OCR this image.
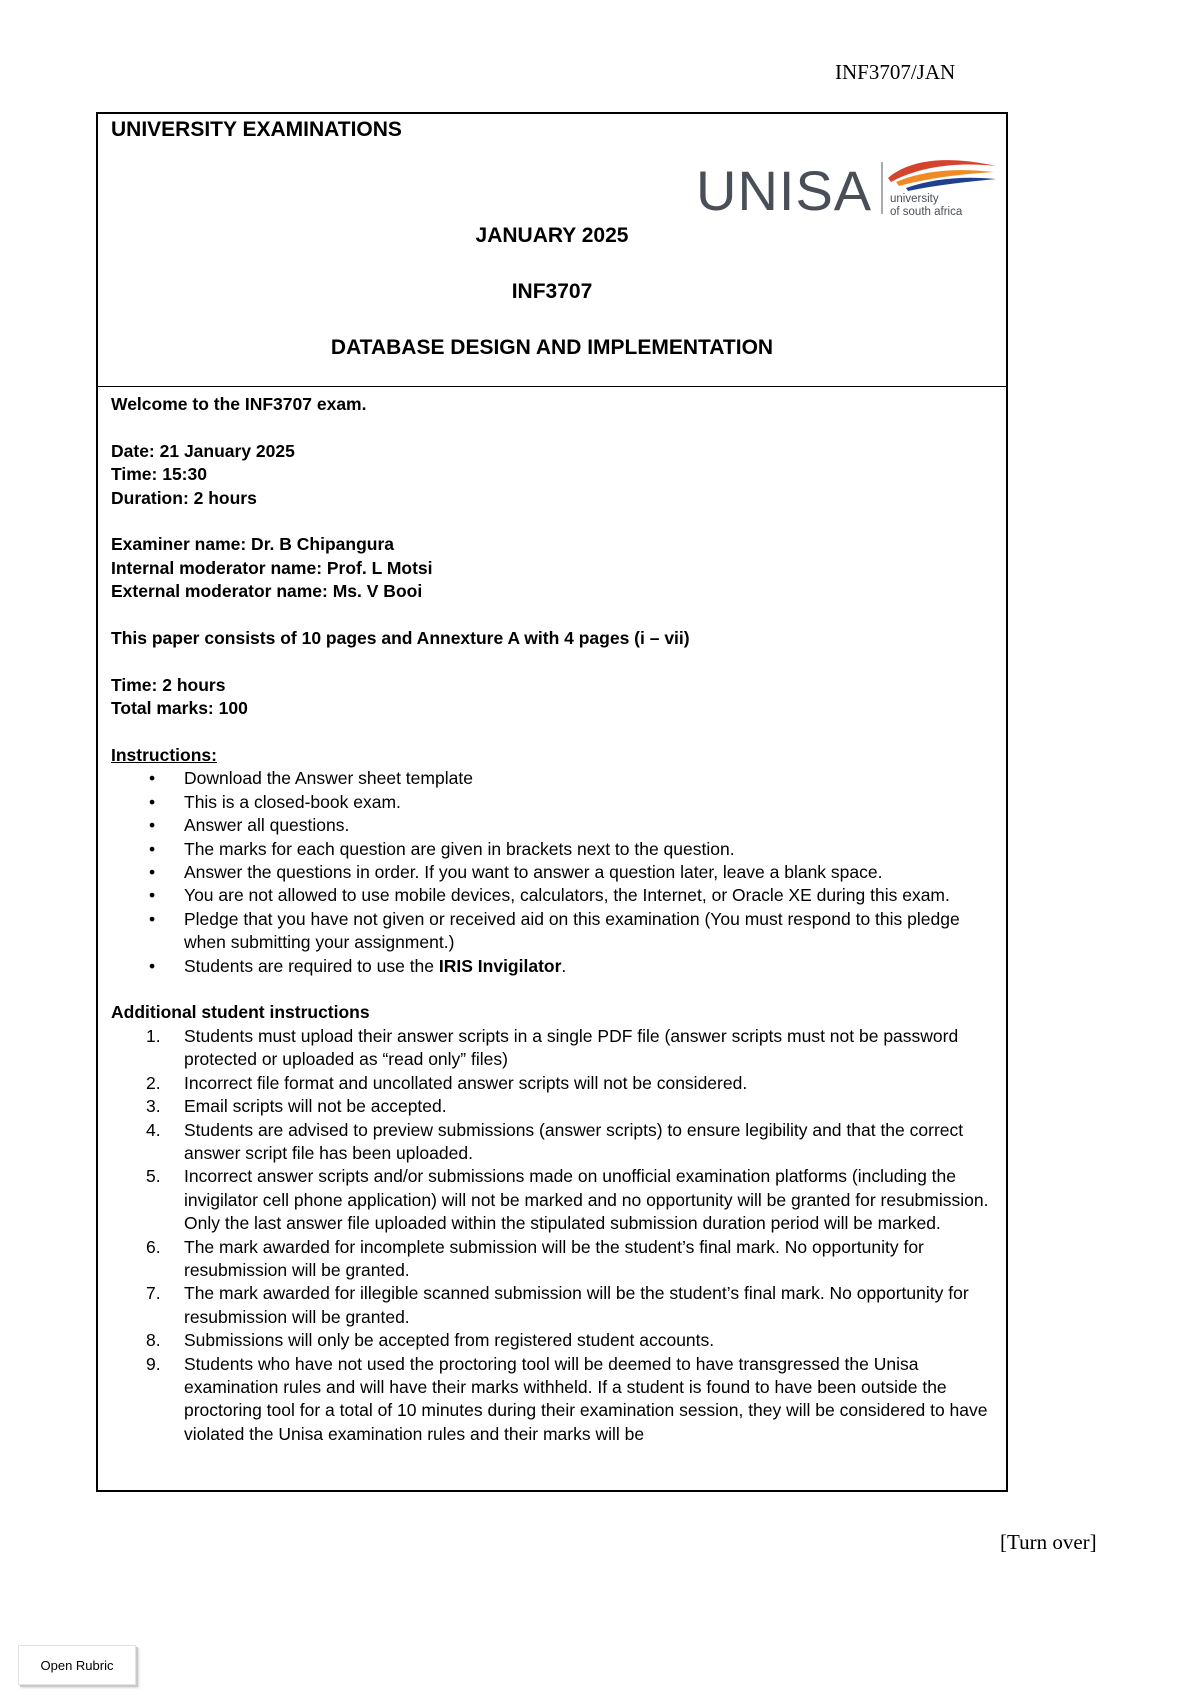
INF3707/JAN
UNIVERSITY EXAMINATIONS
UNISA university
of south africa
JANUARY 2025
INF3707
DATABASE DESIGN AND IMPLEMENTATION
Welcome to the INF3707 exam.
Date: 21 January 2025
Time: 15:30
Duration: 2 hours
Examiner name: Dr. B Chipangura
Internal moderator name: Prof. L Motsi
External moderator name: Ms. V Booi
This paper consists of 10 pages and Annexture A with 4 pages (i – vii)
Time: 2 hours
Total marks: 100
Instructions:
• Download the Answer sheet template
• This is a closed-book exam.
• Answer all questions.
• The marks for each question are given in brackets next to the question.
• Answer the questions in order. If you want to answer a question later, leave a blank space.
• You are not allowed to use mobile devices, calculators, the Internet, or Oracle XE during this exam.
• Pledge that you have not given or received aid on this examination (You must respond to this pledge when submitting your assignment.)
• Students are required to use the IRIS Invigilator.
Additional student instructions
1. Students must upload their answer scripts in a single PDF file (answer scripts must not be password protected or uploaded as “read only” files)
2. Incorrect file format and uncollated answer scripts will not be considered.
3. Email scripts will not be accepted.
4. Students are advised to preview submissions (answer scripts) to ensure legibility and that the correct answer script file has been uploaded.
5. Incorrect answer scripts and/or submissions made on unofficial examination platforms (including the invigilator cell phone application) will not be marked and no opportunity will be granted for resubmission. Only the last answer file uploaded within the stipulated submission duration period will be marked.
6. The mark awarded for incomplete submission will be the student’s final mark. No opportunity for resubmission will be granted.
7. The mark awarded for illegible scanned submission will be the student’s final mark. No opportunity for resubmission will be granted.
8. Submissions will only be accepted from registered student accounts.
9. Students who have not used the proctoring tool will be deemed to have transgressed the Unisa examination rules and will have their marks withheld. If a student is found to have been outside the proctoring tool for a total of 10 minutes during their examination session, they will be considered to have violated the Unisa examination rules and their marks will be
[Turn over]
Open Rubric
